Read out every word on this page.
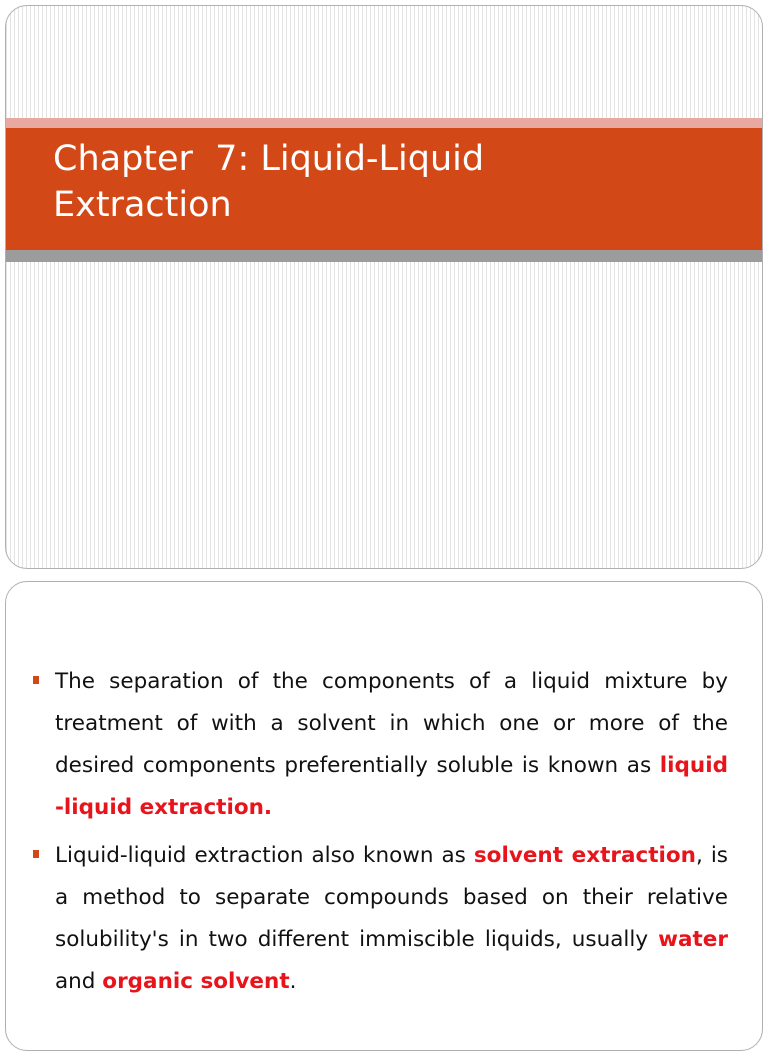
Chapter  7: Liquid-Liquid
Extraction

The separation of the components of a liquid mixture by treatment of with a solvent in which one or more of the desired components preferentially soluble is known as liquid -liquid extraction.

Liquid-liquid extraction also known as solvent extraction, is a method to separate compounds based on their relative solubility's in two different immiscible liquids, usually water and organic solvent.
